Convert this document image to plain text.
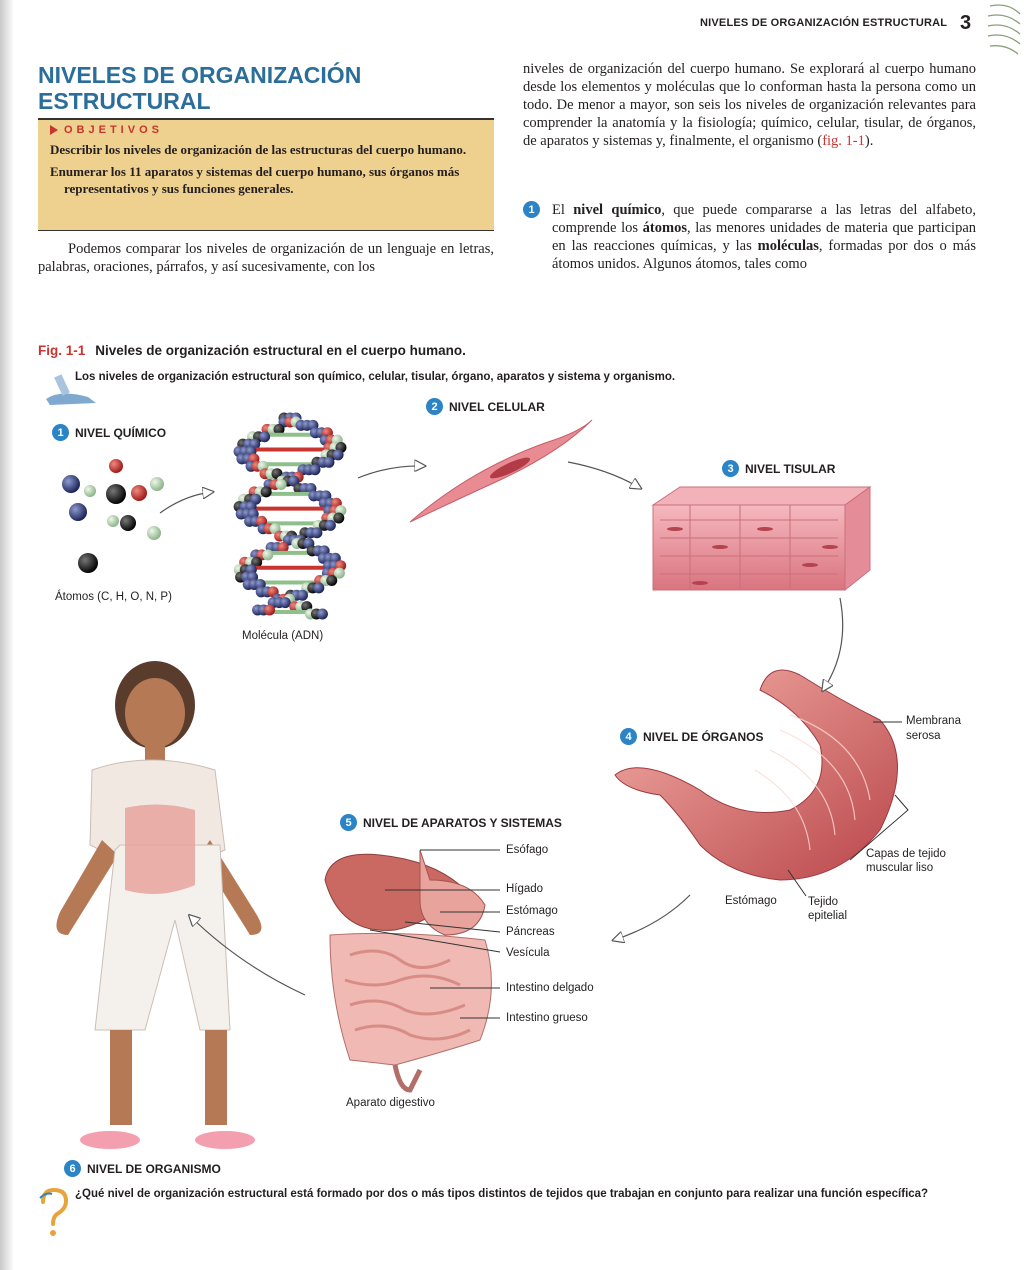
NIVELES DE ORGANIZACIÓN ESTRUCTURAL 3
NIVELES DE ORGANIZACIÓN
ESTRUCTURAL
OBJETIVOS
Describir los niveles de organización de las estructuras del cuerpo humano.
Enumerar los 11 aparatos y sistemas del cuerpo humano, sus órganos más representativos y sus funciones generales.
Podemos comparar los niveles de organización de un lenguaje en letras, palabras, oraciones, párrafos, y así sucesivamente, con los
niveles de organización del cuerpo humano. Se explorará al cuerpo humano desde los elementos y moléculas que lo conforman hasta la persona como un todo. De menor a mayor, son seis los niveles de organización relevantes para comprender la anatomía y la fisiología; químico, celular, tisular, de órganos, de aparatos y sistemas y, finalmente, el organismo (fig. 1-1).
1	El nivel químico, que puede compararse a las letras del alfabeto, comprende los átomos, las menores unidades de materia que participan en las reacciones químicas, y las moléculas, formadas por dos o más átomos unidos. Algunos átomos, tales como
Fig. 1-1 Niveles de organización estructural en el cuerpo humano.
Los niveles de organización estructural son químico, celular, tisular, órgano, aparatos y sistema y organismo.
1 NIVEL QUÍMICO
2 NIVEL CELULAR
3 NIVEL TISULAR
4 NIVEL DE ÓRGANOS
5 NIVEL DE APARATOS Y SISTEMAS
6 NIVEL DE ORGANISMO
Átomos (C, H, O, N, P)
Molécula (ADN)
Membrana
serosa
Capas de tejido
muscular liso
Estómago	Tejido
epitelial
Esófago
Hígado
Estómago
Páncreas
Vesícula
Intestino delgado
Intestino grueso
Aparato digestivo
¿Qué nivel de organización estructural está formado por dos o más tipos distintos de tejidos que trabajan en conjunto para realizar una función específica?
